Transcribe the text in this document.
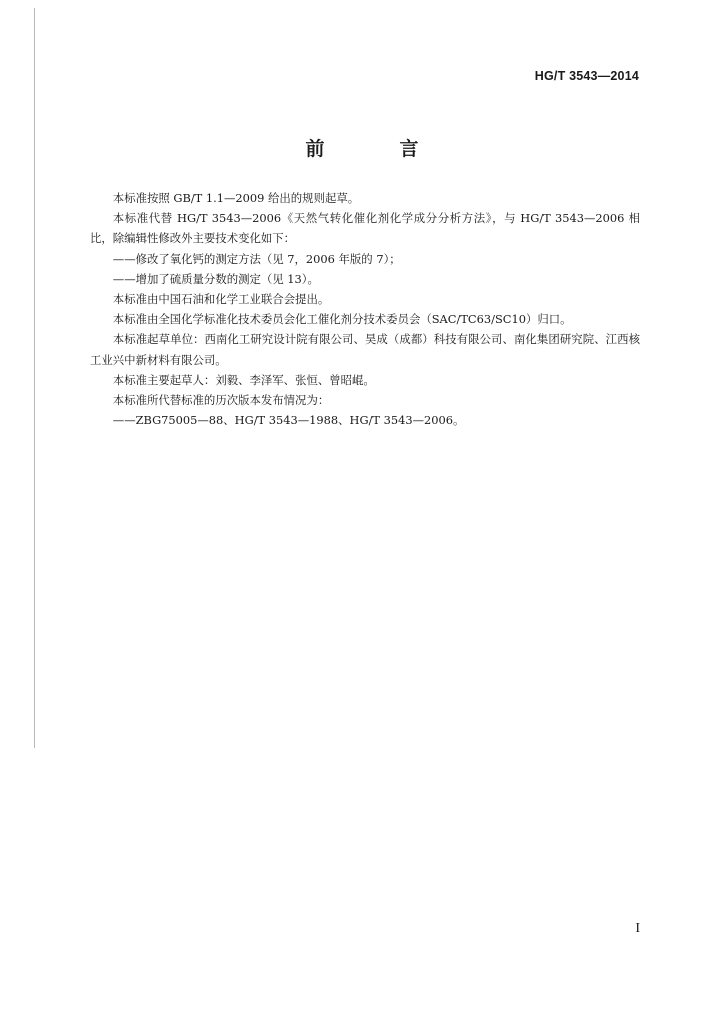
HG/T 3543—2014
前　言

本标准按照 GB/T 1.1—2009 给出的规则起草。

本标准代替 HG/T 3543—2006《天然气转化催化剂化学成分分析方法》，与 HG/T 3543—2006 相比，除编辑性修改外主要技术变化如下：

——修改了氧化钙的测定方法（见 7，2006 年版的 7）；

——增加了硫质量分数的测定（见 13）。

本标准由中国石油和化学工业联合会提出。

本标准由全国化学标准化技术委员会化工催化剂分技术委员会（SAC/TC63/SC10）归口。

本标准起草单位：西南化工研究设计院有限公司、昊成（成都）科技有限公司、南化集团研究院、江西核工业兴中新材料有限公司。

本标准主要起草人：刘毅、李泽军、张恒、曾昭崐。

本标准所代替标准的历次版本发布情况为：

——ZBG75005—88、HG/T 3543—1988、HG/T 3543—2006。

I
